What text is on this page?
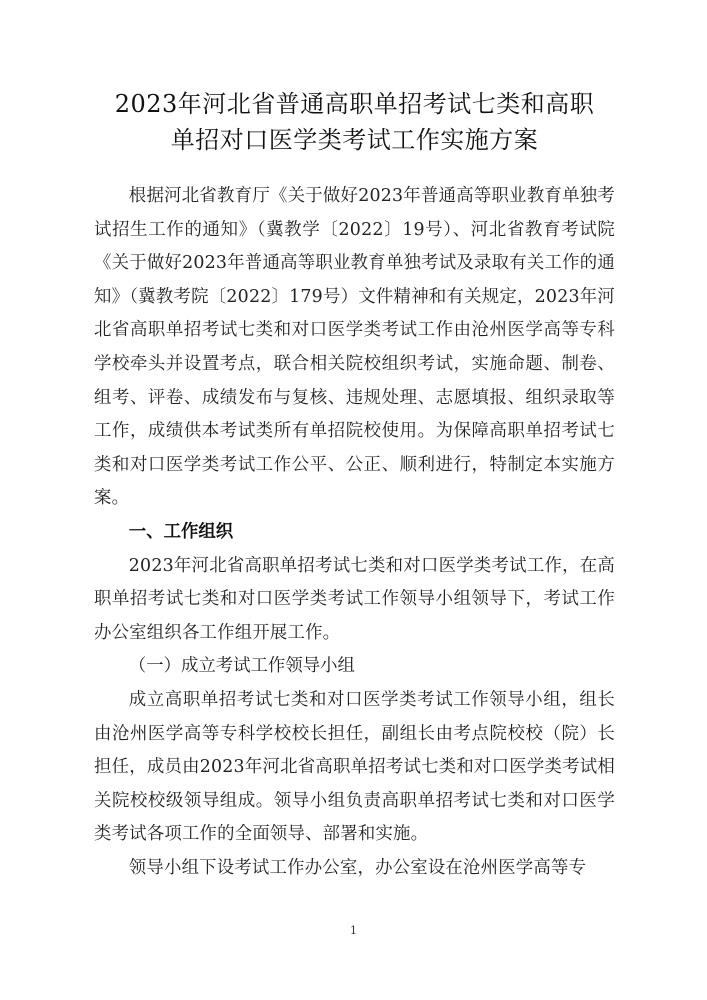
2023年河北省普通高职单招考试七类和高职
单招对口医学类考试工作实施方案

根据河北省教育厅《关于做好2023年普通高等职业教育单独考试招生工作的通知》（冀教学〔2022〕19号）、河北省教育考试院《关于做好2023年普通高等职业教育单独考试及录取有关工作的通知》（冀教考院〔2022〕179号）文件精神和有关规定，2023年河北省高职单招考试七类和对口医学类考试工作由沧州医学高等专科学校牵头并设置考点，联合相关院校组织考试，实施命题、制卷、组考、评卷、成绩发布与复核、违规处理、志愿填报、组织录取等工作，成绩供本考试类所有单招院校使用。为保障高职单招考试七类和对口医学类考试工作公平、公正、顺利进行，特制定本实施方案。

一、工作组织

2023年河北省高职单招考试七类和对口医学类考试工作，在高职单招考试七类和对口医学类考试工作领导小组领导下，考试工作办公室组织各工作组开展工作。

（一）成立考试工作领导小组

成立高职单招考试七类和对口医学类考试工作领导小组，组长由沧州医学高等专科学校校长担任，副组长由考点院校校（院）长担任，成员由2023年河北省高职单招考试七类和对口医学类考试相关院校校级领导组成。领导小组负责高职单招考试七类和对口医学类考试各项工作的全面领导、部署和实施。

领导小组下设考试工作办公室，办公室设在沧州医学高等专

1
